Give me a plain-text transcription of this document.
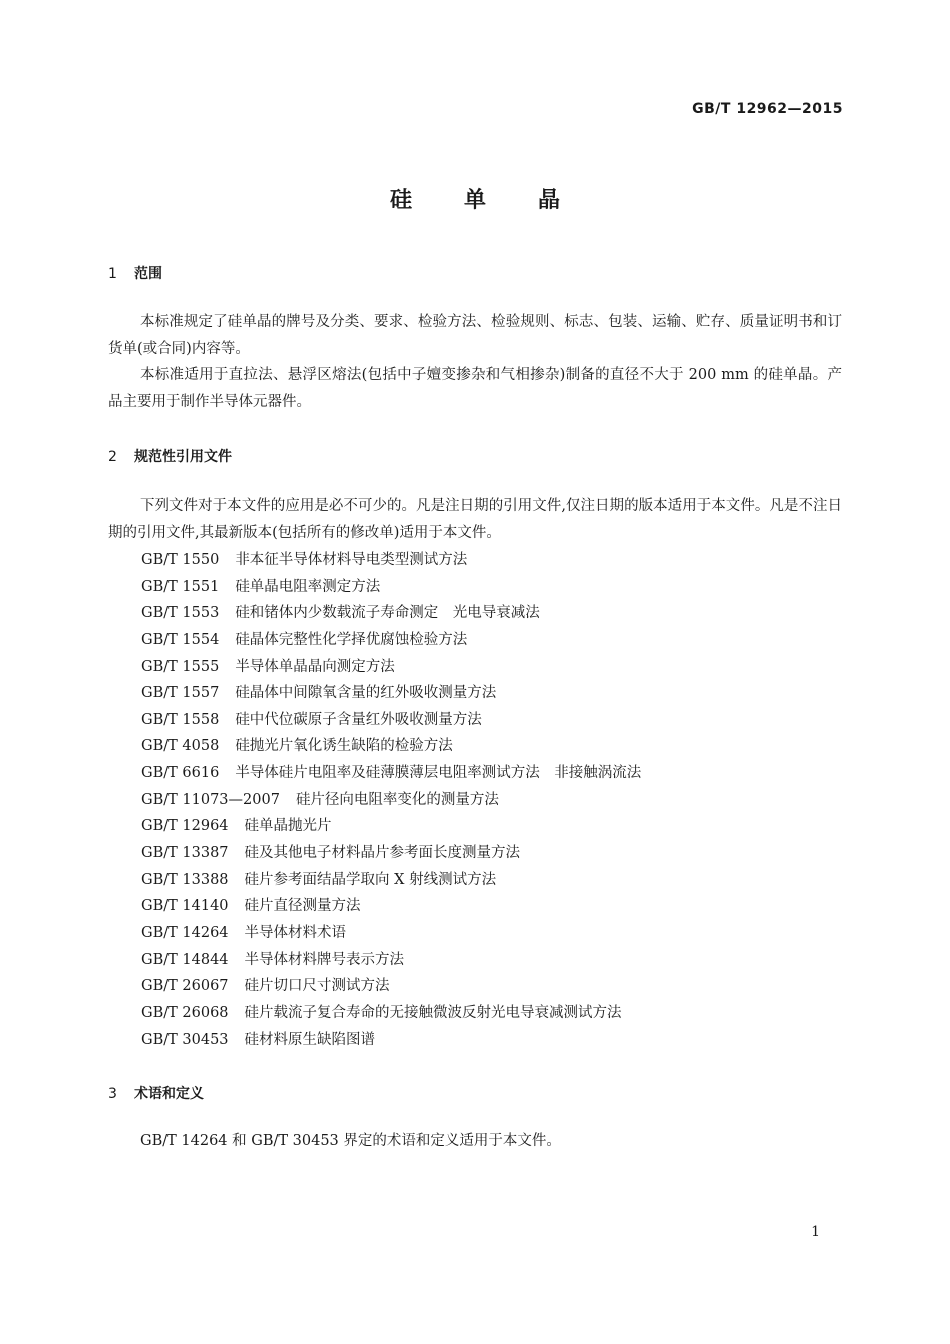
GB/T 12962—2015
硅单晶
1 范围
本标准规定了硅单晶的牌号及分类、要求、检验方法、检验规则、标志、包装、运输、贮存、质量证明书和订货单(或合同)内容等。
本标准适用于直拉法、悬浮区熔法(包括中子嬗变掺杂和气相掺杂)制备的直径不大于 200 mm 的硅单晶。产品主要用于制作半导体元器件。
2 规范性引用文件
下列文件对于本文件的应用是必不可少的。凡是注日期的引用文件,仅注日期的版本适用于本文件。凡是不注日期的引用文件,其最新版本(包括所有的修改单)适用于本文件。
GB/T 1550 非本征半导体材料导电类型测试方法
GB/T 1551 硅单晶电阻率测定方法
GB/T 1553 硅和锗体内少数载流子寿命测定　光电导衰减法
GB/T 1554 硅晶体完整性化学择优腐蚀检验方法
GB/T 1555 半导体单晶晶向测定方法
GB/T 1557 硅晶体中间隙氧含量的红外吸收测量方法
GB/T 1558 硅中代位碳原子含量红外吸收测量方法
GB/T 4058 硅抛光片氧化诱生缺陷的检验方法
GB/T 6616 半导体硅片电阻率及硅薄膜薄层电阻率测试方法　非接触涡流法
GB/T 11073—2007 硅片径向电阻率变化的测量方法
GB/T 12964 硅单晶抛光片
GB/T 13387 硅及其他电子材料晶片参考面长度测量方法
GB/T 13388 硅片参考面结晶学取向 X 射线测试方法
GB/T 14140 硅片直径测量方法
GB/T 14264 半导体材料术语
GB/T 14844 半导体材料牌号表示方法
GB/T 26067 硅片切口尺寸测试方法
GB/T 26068 硅片载流子复合寿命的无接触微波反射光电导衰减测试方法
GB/T 30453 硅材料原生缺陷图谱
3 术语和定义
GB/T 14264 和 GB/T 30453 界定的术语和定义适用于本文件。
1
